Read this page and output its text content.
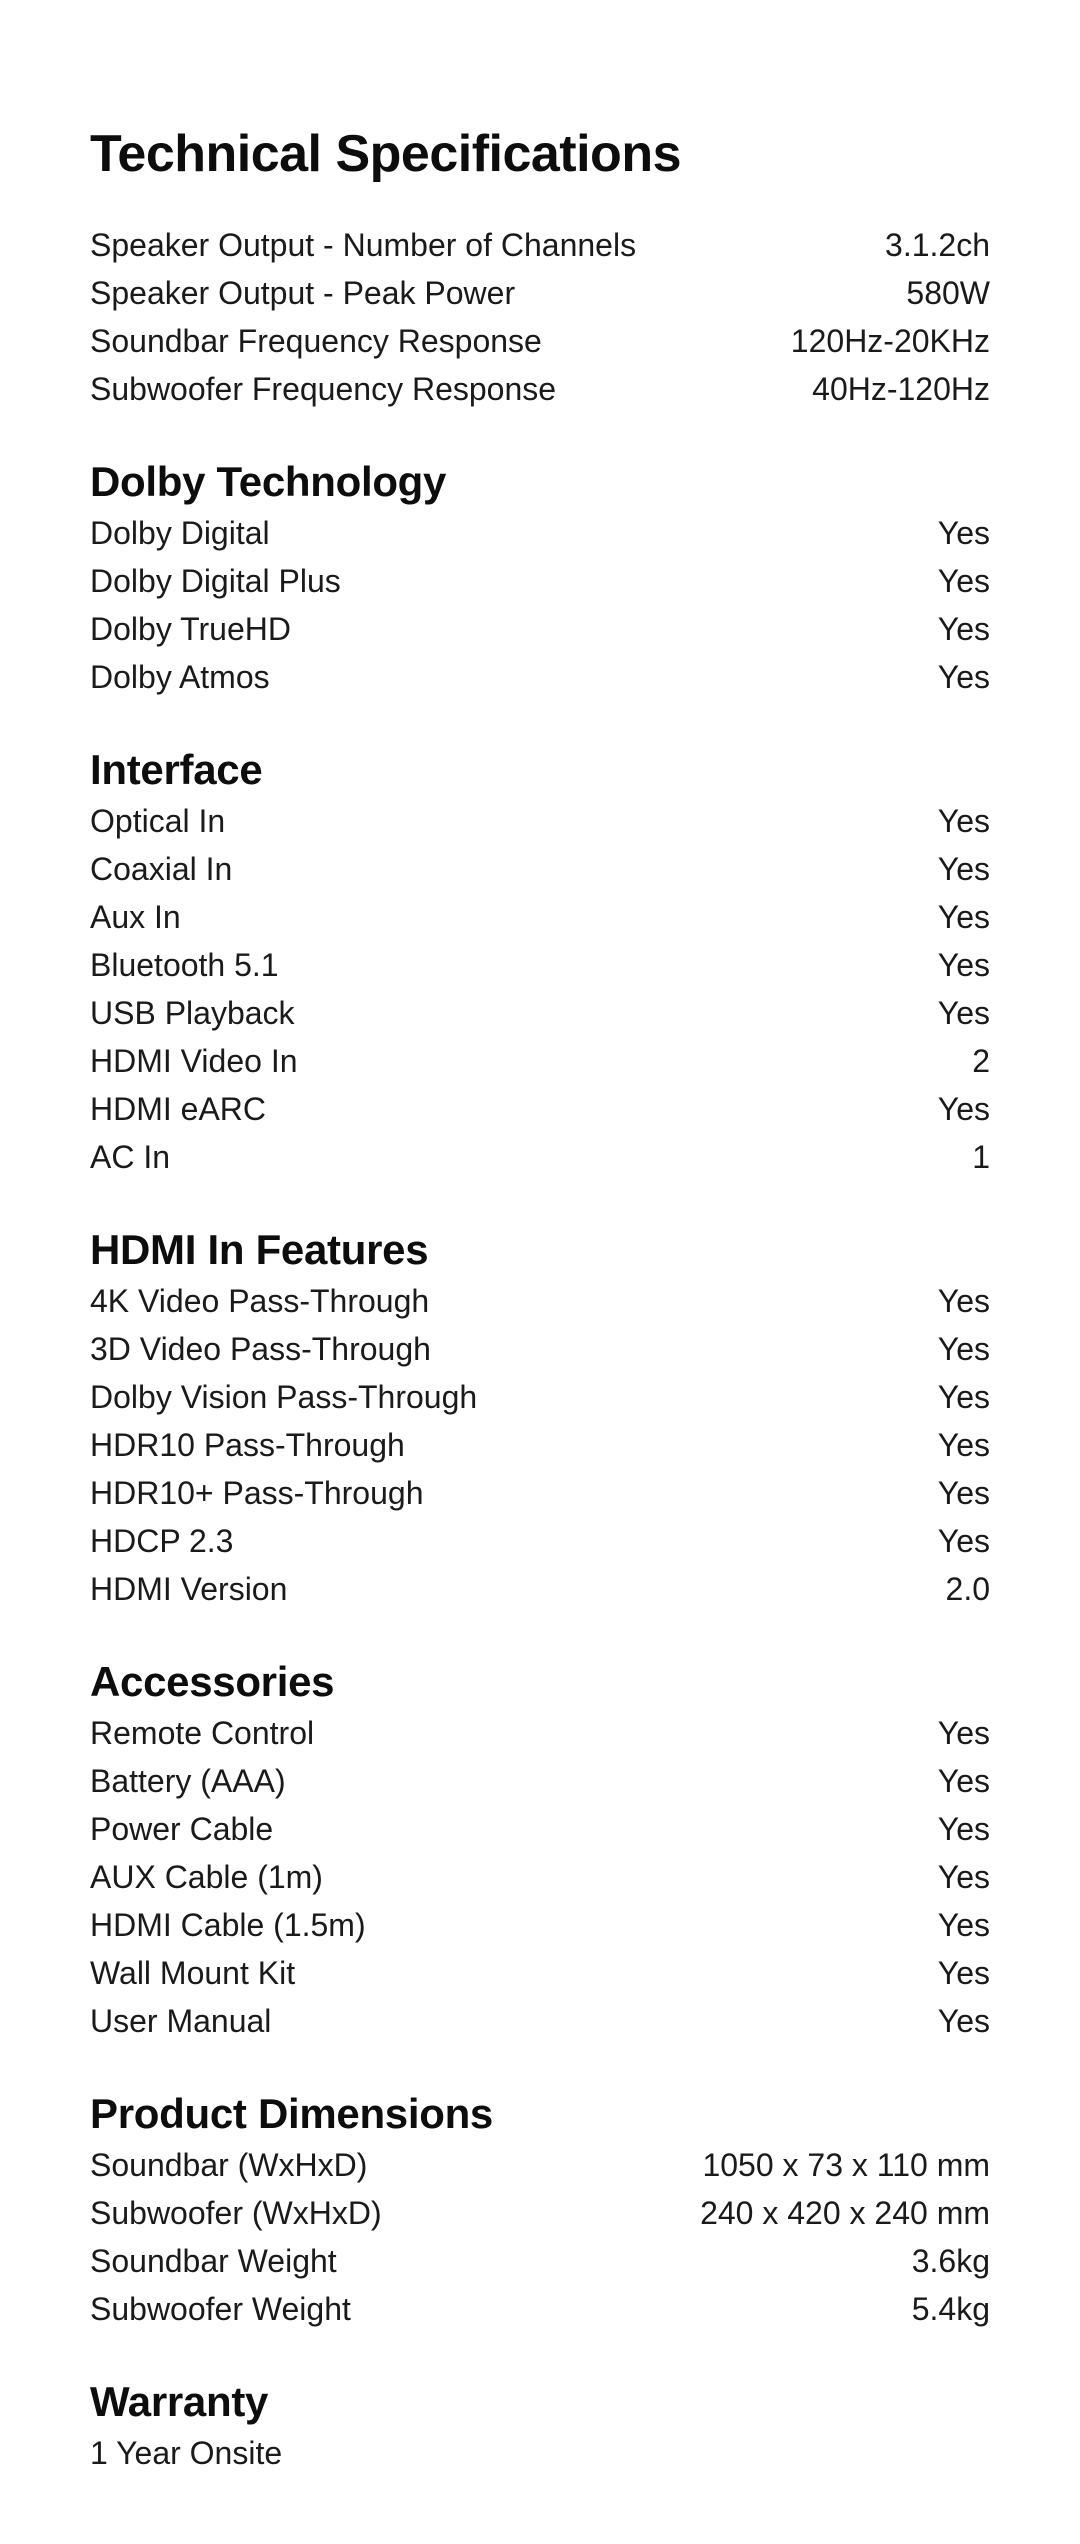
Technical Specifications
Speaker Output - Number of Channels	3.1.2ch
Speaker Output - Peak Power	580W
Soundbar Frequency Response	120Hz-20KHz
Subwoofer Frequency Response	40Hz-120Hz
Dolby Technology
Dolby Digital	Yes
Dolby Digital Plus	Yes
Dolby TrueHD	Yes
Dolby Atmos	Yes
Interface
Optical In	Yes
Coaxial In	Yes
Aux In	Yes
Bluetooth 5.1	Yes
USB Playback	Yes
HDMI Video In	2
HDMI eARC	Yes
AC In	1
HDMI In Features
4K Video Pass-Through	Yes
3D Video Pass-Through	Yes
Dolby Vision Pass-Through	Yes
HDR10 Pass-Through	Yes
HDR10+ Pass-Through	Yes
HDCP 2.3	Yes
HDMI Version	2.0
Accessories
Remote Control	Yes
Battery (AAA)	Yes
Power Cable	Yes
AUX Cable (1m)	Yes
HDMI Cable (1.5m)	Yes
Wall Mount Kit	Yes
User Manual	Yes
Product Dimensions
Soundbar (WxHxD)	1050 x 73 x 110 mm
Subwoofer (WxHxD)	240 x 420 x 240 mm
Soundbar Weight	3.6kg
Subwoofer Weight	5.4kg
Warranty
1 Year Onsite
